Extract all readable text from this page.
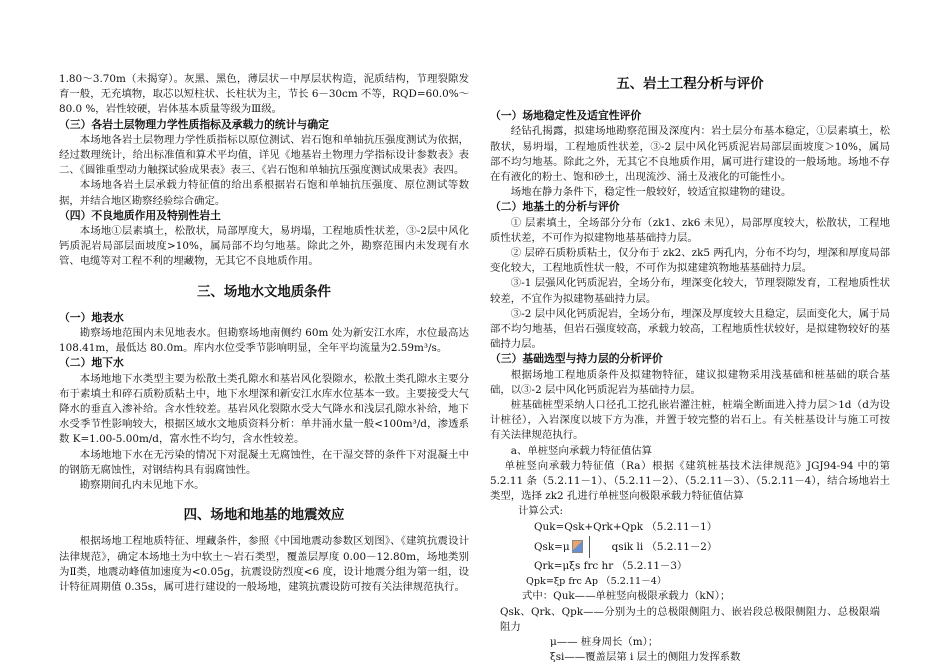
1.80～3.70m（未揭穿）。灰黑、黑色，薄层状－中厚层状构造，泥质结构，节理裂隙发育一般，无充填物，取芯以短柱状、长柱状为主，节长 6－30cm 不等，RQD=60.0%～80.0 %，岩性较硬，岩体基本质量等级为Ⅲ级。

（三）各岩土层物理力学性质指标及承载力的统计与确定

本场地各岩土层物理力学性质指标以原位测试、岩石饱和单轴抗压强度测试为依据，经过数理统计，给出标准值和算术平均值，详见《地基岩土物理力学指标设计参数表》表二、《圆锥重型动力触探试验成果表》表三、《岩石饱和单轴抗压强度测试成果表》表四。

本场地各岩土层承载力特征值的给出系根据岩石饱和单轴抗压强度、原位测试等数据，并结合地区勘察经验综合确定。

（四）不良地质作用及特别性岩土

本场地①层素填土，松散状，局部厚度大，易坍塌，工程地质性状差，③-2层中风化钙质泥岩局部层面坡度>10%，属局部不均匀地基。除此之外，勘察范围内未发现有水管、电缆等对工程不利的埋藏物，无其它不良地质作用。

三、场地水文地质条件

（一）地表水

勘察场地范围内未见地表水。但勘察场地南侧约 60m 处为新安江水库，水位最高达 108.41m，最低达 80.0m。库内水位受季节影响明显，全年平均流量为2.59m³/s。

（二）地下水

本场地地下水类型主要为松散土类孔隙水和基岩风化裂隙水，松散土类孔隙水主要分布于素填土和碎石质粉质粘土中，地下水埋深和新安江水库水位基本一致。主要接受大气降水的垂直入渗补给。含水性较差。基岩风化裂隙水受大气降水和浅层孔隙水补给，地下水受季节性影响较大，根据区域水文地质资料分析：单井涌水量一般<100m³/d，渗透系数 K=1.00-5.00m/d，富水性不均匀，含水性较差。

本场地地下水在无污染的情况下对混凝土无腐蚀性，在干湿交替的条件下对混凝土中的钢筋无腐蚀性，对钢结构具有弱腐蚀性。

勘察期间孔内未见地下水。

四、场地和地基的地震效应

根据场地工程地质特征、埋藏条件，参照《中国地震动参数区划图》、《建筑抗震设计法律规范》，确定本场地土为中软土～岩石类型，覆盖层厚度 0.00－12.80m，场地类别为Ⅱ类，地震动峰值加速度为<0.05g，抗震设防烈度<6 度，设计地震分组为第一组，设计特征周期值 0.35s，属可进行建设的一般场地，建筑抗震设防可按有关法律规范执行。

五、岩土工程分析与评价

（一）场地稳定性及适宜性评价

经钻孔揭露，拟建场地勘察范围及深度内：岩土层分布基本稳定，①层素填土，松散状，易坍塌，工程地质性状差，③-2 层中风化钙质泥岩局部层面坡度＞10%，属局部不均匀地基。除此之外，无其它不良地质作用，属可进行建设的一般场地。场地不存在有液化的粉土、饱和砂土，出现流沙、涌土及液化的可能性小。

场地在静力条件下，稳定性一般较好，较适宜拟建物的建设。

（二）地基土的分析与评价

① 层素填土，全场部分分布（zk1、zk6 未见），局部厚度较大，松散状，工程地质性状差，不可作为拟建物地基基础持力层。

② 层碎石质粉质粘土，仅分布于 zk2、zk5 两孔内，分布不均匀，埋深和厚度局部变化较大，工程地质性状一般，不可作为拟建建筑物地基基础持力层。

③-1 层强风化钙质泥岩，全场分布，埋深变化较大，节理裂隙发育，工程地质性状较差，不宜作为拟建物基础持力层。

③-2 层中风化钙质泥岩，全场分布，埋深及厚度较大且稳定，层面变化大，属于局部不均匀地基，但岩石强度较高，承载力较高，工程地质性状较好，是拟建物较好的基础持力层。

（三）基础选型与持力层的分析评价

根据场地工程地质条件及拟建物特征，建议拟建物采用浅基础和桩基础的联合基础，以③-2 层中风化钙质泥岩为基础持力层。

桩基础桩型采纳人口径孔工挖孔嵌岩灌注桩，桩端全断面进入持力层＞1d（d为设计桩径），入岩深度以坡下方为准，并置于较完整的岩石上。有关桩基设计与施工可按有关法律规范执行。

a、单桩竖向承载力特征值估算

单桩竖向承载力特征值（Ra）根据《建筑桩基技术法律规范》JGJ94-94 中的第5.2.11 条（5.2.11－1）、（5.2.11－2）、（5.2.11－3）、（5.2.11－4），结合场地岩土类型，选择 zk2 孔进行单桩竖向极限承载力特征值估算

计算公式:

Quk=Qsk+Qrk+Qpk （5.2.11－1）

Qsk=μ	qsik li （5.2.11－2）

Qrk=μξs frc hr （5.2.11－3）

Qpk=ξp frc Ap （5.2.11－4）

式中：Quk——单桩竖向极限承载力（kN）；

Qsk、Qrk、Qpk——分别为土的总极限侧阻力、嵌岩段总极限侧阻力、总极限端阻力

μ—— 桩身周长（m）；

ξsi——覆盖层第 i 层土的侧阻力发挥系数
